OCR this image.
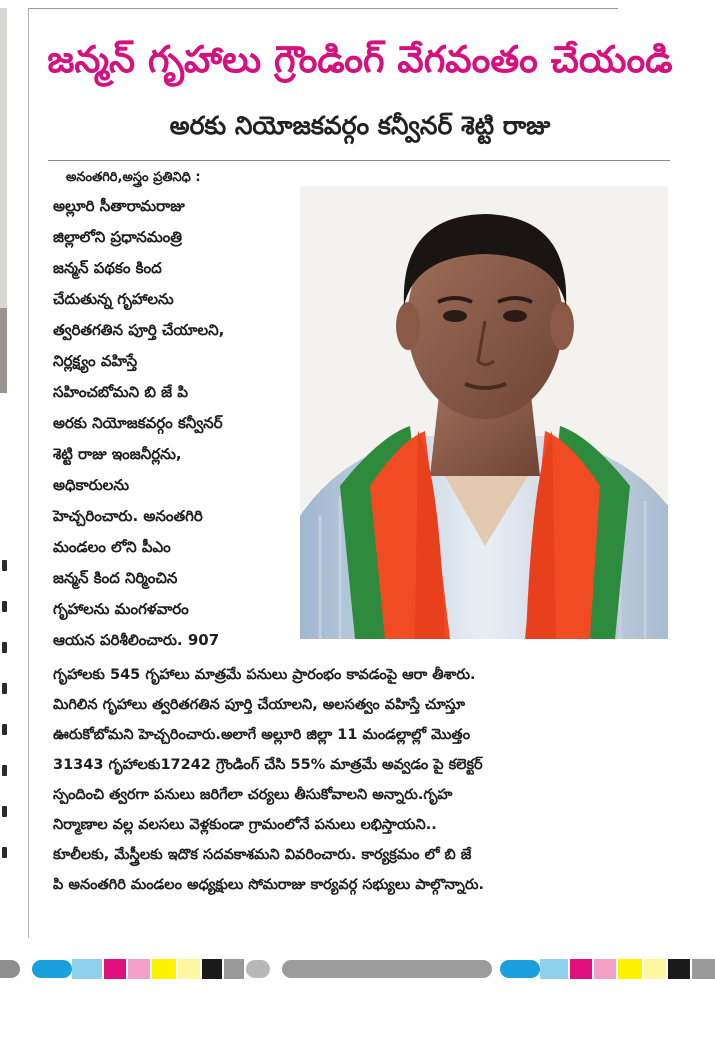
జన్మన్ గృహాలు గ్రౌండింగ్ వేగవంతం చేయండి
అరకు నియోజకవర్గం కన్వీనర్ శెట్టి రాజు

అనంతగిరి,అస్త్రం ప్రతినిధి :

అల్లూరి సీతారామరాజు

జిల్లాలోని ప్రధానమంత్రి

జన్మన్ పథకం కింద

చేదుతున్న గృహాలను

త్వరితగతిన పూర్తి చేయాలని,

నిర్లక్ష్యం వహిస్తే

సహించబోమని బి జే పి

అరకు నియోజకవర్గం కన్వీనర్

శెట్టి రాజు ఇంజనీర్లను,

అధికారులను

హెచ్చరించారు. అనంతగిరి

మండలం లోని పీఎం

జన్మన్ కింద నిర్మించిన

గృహాలను మంగళవారం

ఆయన పరిశీలించారు. 907

గృహాలకు 545 గృహాలు మాత్రమే పనులు ప్రారంభం కావడంపై ఆరా తీశారు.

మిగిలిన గృహాలు త్వరితగతిన పూర్తి చేయాలని, అలసత్వం వహిస్తే చూస్తూ

ఊరుకోబోమని హెచ్చరించారు.అలాగే అల్లూరి జిల్లా 11 మండల్లాల్లో మొత్తం

31343 గృహాలకు17242 గ్రౌండింగ్ చేసి 55% మాత్రమే అవ్వడం పై కలెక్టర్

స్పందించి త్వరగా పనులు జరిగేలా చర్యలు తీసుకోవాలని అన్నారు.గృహ

నిర్మాణాల వల్ల వలసలు వెళ్లకుండా గ్రామంలోనే పనులు లభిస్తాయని..

కూలీలకు, మేస్త్రీలకు ఇదొక సదవకాశమని వివరించారు. కార్యక్రమం లో బి జే

పి అనంతగిరి మండలం అధ్యక్షులు సోమరాజు కార్యవర్గ సభ్యులు పాల్గొన్నారు.
